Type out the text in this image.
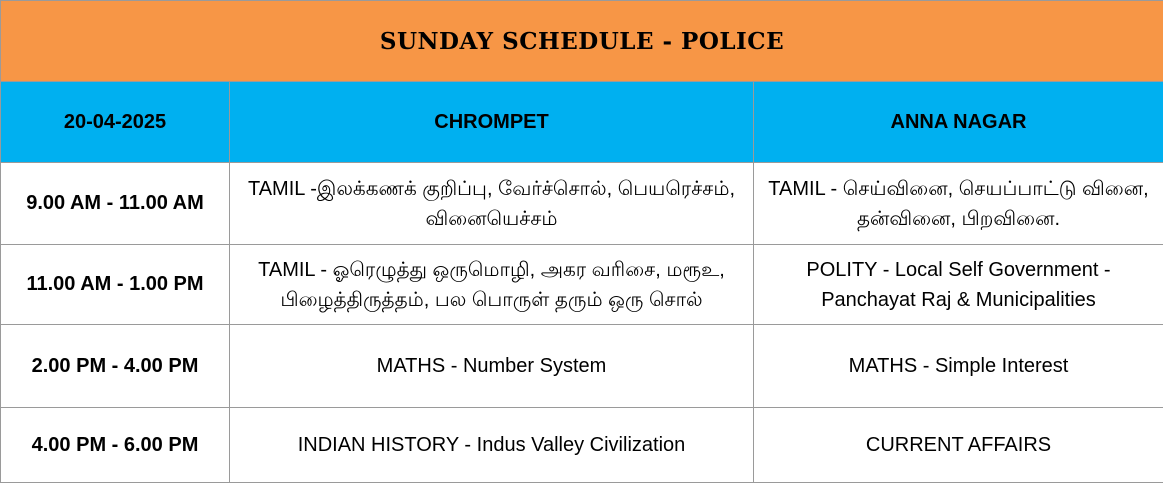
SUNDAY SCHEDULE - POLICE		
20-04-2025	CHROMPET	ANNA NAGAR
9.00 AM - 11.00 AM	TAMIL -இலக்கணக் குறிப்பு, வேர்ச்சொல், பெயரெச்சம், வினையெச்சம்	TAMIL - செய்வினை, செயப்பாட்டு வினை, தன்வினை, பிறவினை.
11.00 AM - 1.00 PM	TAMIL - ஓரெழுத்து ஒருமொழி, அகர வரிசை, மரூஉ, பிழைத்திருத்தம், பல பொருள் தரும் ஒரு சொல்	POLITY - Local Self Government - Panchayat Raj & Municipalities
2.00 PM - 4.00 PM	MATHS - Number System	MATHS - Simple Interest
4.00 PM - 6.00 PM	INDIAN HISTORY - Indus Valley Civilization	CURRENT AFFAIRS
